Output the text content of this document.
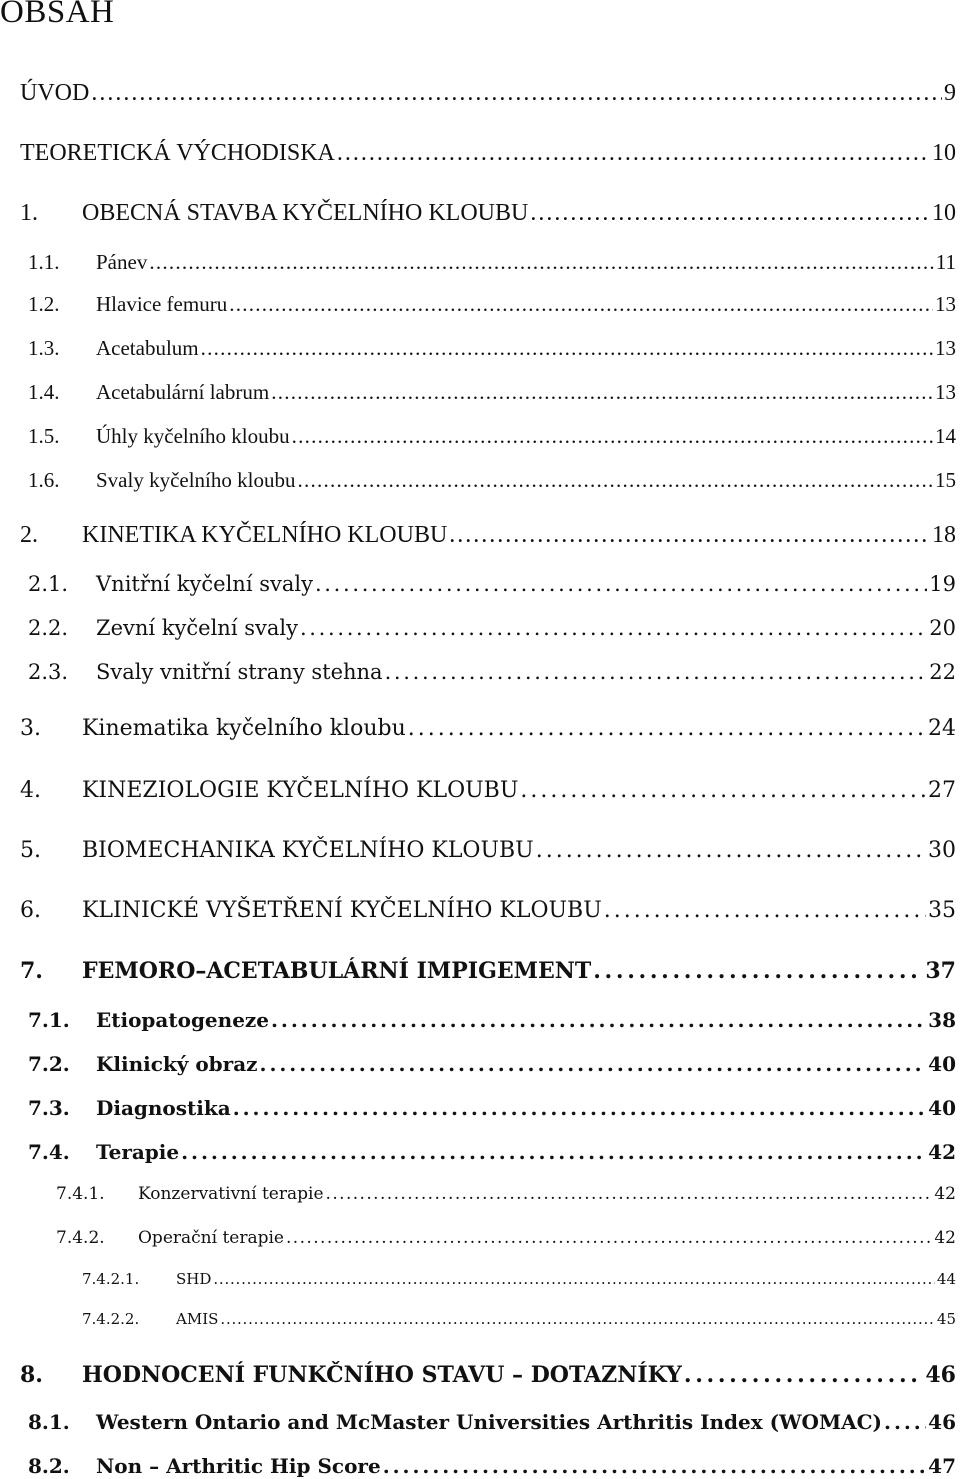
OBSAH
ÚVOD . . .	9
TEORETICKÁ VÝCHODISKA . . .	10
1.	OBECNÁ STAVBA KYČELNÍHO KLOUBU . . .	10
1.1.	Pánev . . .	11
1.2.	Hlavice femuru . . .	13
1.3.	Acetabulum . . .	13
1.4.	Acetabulární labrum . . .	13
1.5.	Úhly kyčelního kloubu . . .	14
1.6.	Svaly kyčelního kloubu . . .	15
2.	KINETIKA KYČELNÍHO KLOUBU . . .	18
2.1.	Vnitřní kyčelní svaly . . .	19
2.2.	Zevní kyčelní svaly . . .	20
2.3.	Svaly vnitřní strany stehna . . .	22
3.	Kinematika kyčelního kloubu . . .	24
4.	KINEZIOLOGIE KYČELNÍHO KLOUBU . . .	27
5.	BIOMECHANIKA KYČELNÍHO KLOUBU . . .	30
6.	KLINICKÉ VYŠETŘENÍ KYČELNÍHO KLOUBU . . .	35
7.	FEMORO–ACETABULÁRNÍ IMPIGEMENT . . .	37
7.1.	Etiopatogeneze . . .	38
7.2.	Klinický obraz . . .	40
7.3.	Diagnostika . . .	40
7.4.	Terapie . . .	42
7.4.1.	Konzervativní terapie . . .	42
7.4.2.	Operační terapie . . .	42
7.4.2.1.	SHD . . .	44
7.4.2.2.	AMIS . . .	45
8.	HODNOCENÍ FUNKČNÍHO STAVU – DOTAZNÍKY . . .	46
8.1.	Western Ontario and McMaster Universities Arthritis Index (WOMAC) . . . 46
8.2.	Non – Arthritic Hip Score . . .	47
